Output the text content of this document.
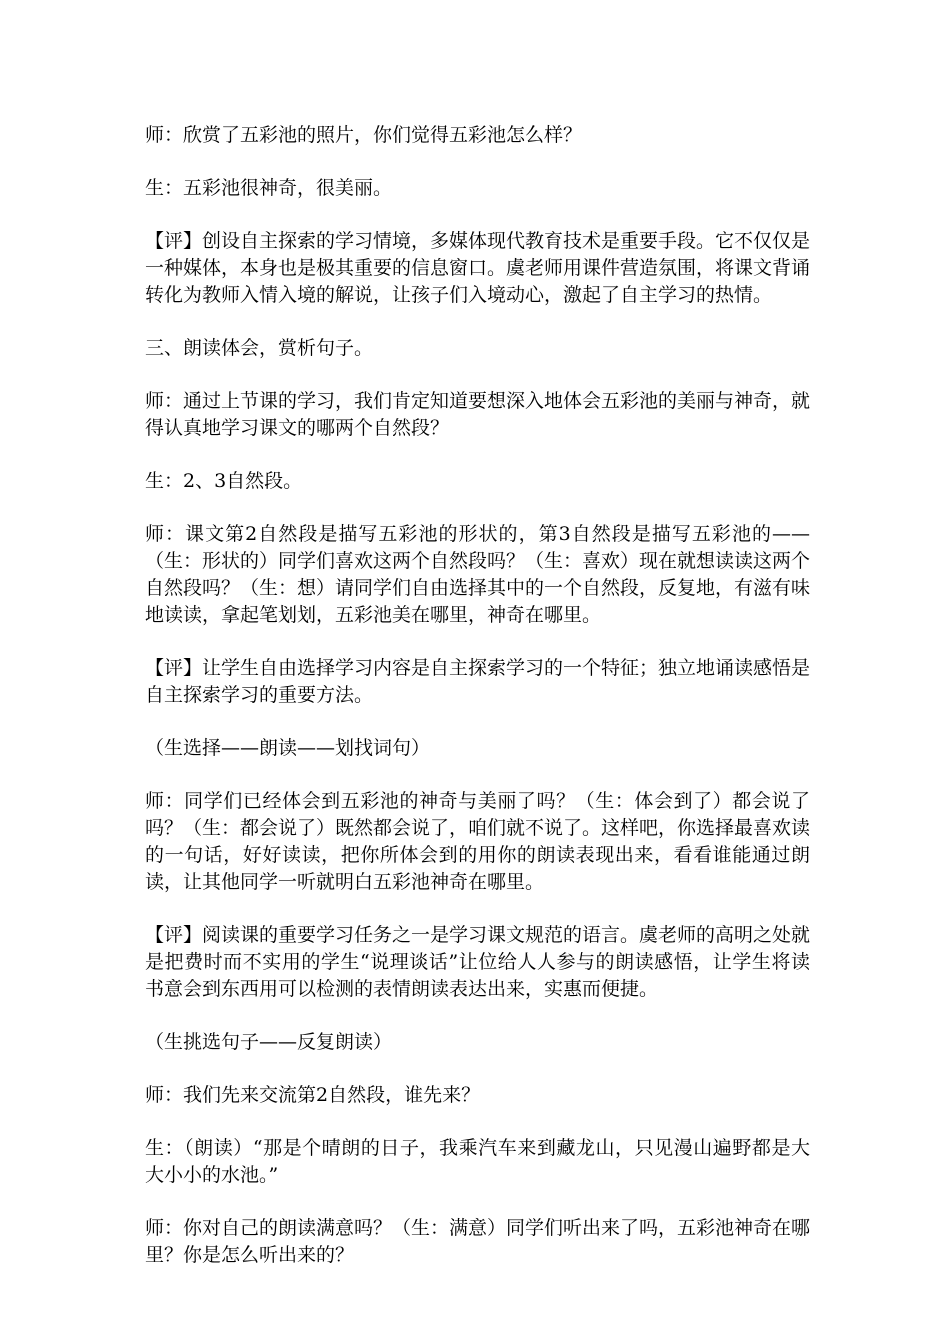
师：欣赏了五彩池的照片，你们觉得五彩池怎么样？

生：五彩池很神奇，很美丽。

【评】创设自主探索的学习情境，多媒体现代教育技术是重要手段。它不仅仅是一种媒体，本身也是极其重要的信息窗口。虞老师用课件营造氛围，将课文背诵转化为教师入情入境的解说，让孩子们入境动心，激起了自主学习的热情。

三、朗读体会，赏析句子。

师：通过上节课的学习，我们肯定知道要想深入地体会五彩池的美丽与神奇，就得认真地学习课文的哪两个自然段？

生：2、3自然段。

师：课文第2自然段是描写五彩池的形状的，第3自然段是描写五彩池的——（生：形状的）同学们喜欢这两个自然段吗？（生：喜欢）现在就想读读这两个自然段吗？（生：想）请同学们自由选择其中的一个自然段，反复地，有滋有味地读读，拿起笔划划，五彩池美在哪里，神奇在哪里。

【评】让学生自由选择学习内容是自主探索学习的一个特征；独立地诵读感悟是自主探索学习的重要方法。

（生选择——朗读——划找词句）

师：同学们已经体会到五彩池的神奇与美丽了吗？（生：体会到了）都会说了吗？（生：都会说了）既然都会说了，咱们就不说了。这样吧，你选择最喜欢读的一句话，好好读读，把你所体会到的用你的朗读表现出来，看看谁能通过朗读，让其他同学一听就明白五彩池神奇在哪里。

【评】阅读课的重要学习任务之一是学习课文规范的语言。虞老师的高明之处就是把费时而不实用的学生“说理谈话”让位给人人参与的朗读感悟，让学生将读书意会到东西用可以检测的表情朗读表达出来，实惠而便捷。

（生挑选句子——反复朗读）

师：我们先来交流第2自然段，谁先来？

生：（朗读）“那是个晴朗的日子，我乘汽车来到藏龙山，只见漫山遍野都是大大小小的水池。”

师：你对自己的朗读满意吗？（生：满意）同学们听出来了吗，五彩池神奇在哪里？你是怎么听出来的？
